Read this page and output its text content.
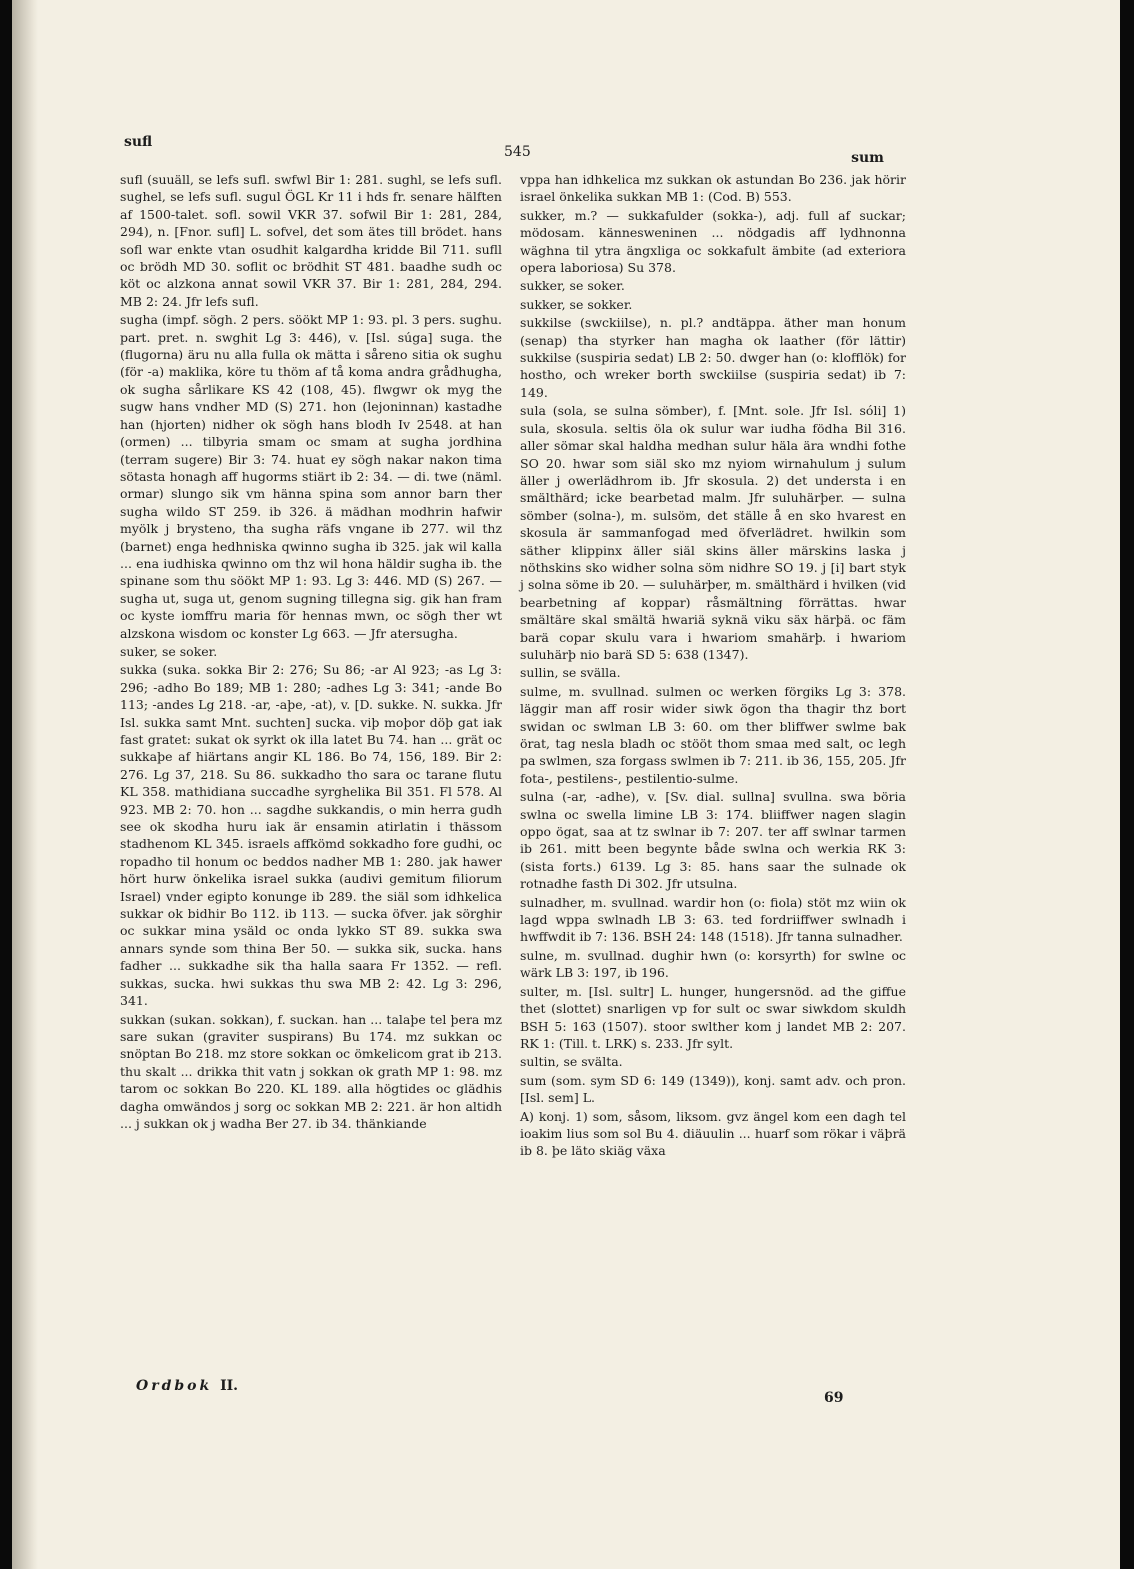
sufl
545	sum

sufl (suuäll, se lefs sufl. swfwl Bir 1: 281. sughl, se lefs sufl. sughel, se lefs sufl. sugul ÖGL Kr 11 i hds fr. senare hälften af 1500-talet. sofl. sowil VKR 37. sofwil Bir 1: 281, 284, 294), n. [Fnor. sufl] L. sofvel, det som ätes till brödet. hans sofl war enkte vtan osudhit kalgardha kridde Bil 711. sufll oc brödh MD 30. soflit oc brödhit ST 481. baadhe sudh oc köt oc alzkona annat sowil VKR 37. Bir 1: 281, 284, 294. MB 2: 24. Jfr lefs sufl.

sugha (impf. sögh. 2 pers. söökt MP 1: 93. pl. 3 pers. sughu. part. pret. n. swghit Lg 3: 446), v. [Isl. súga] suga. the (flugorna) äru nu alla fulla ok mätta i såreno sitia ok sughu (för -a) maklika, köre tu thöm af tå koma andra grådhugha, ok sugha sårlikare KS 42 (108, 45). flwgwr ok myg the sugw hans vndher MD (S) 271. hon (lejoninnan) kastadhe han (hjorten) nidher ok sögh hans blodh Iv 2548. at han (ormen) ... tilbyria smam oc smam at sugha jordhina (terram sugere) Bir 3: 74. huat ey sögh nakar nakon tima sötasta honagh aff hugorms stiärt ib 2: 34. — di. twe (näml. ormar) slungo sik vm hänna spina som annor barn ther sugha wildo ST 259. ib 326. ä mädhan modhrin hafwir myölk j brysteno, tha sugha räfs vngane ib 277. wil thz (barnet) enga hedhniska qwinno sugha ib 325. jak wil kalla ... ena iudhiska qwinno om thz wil hona häldir sugha ib. the spinane som thu söökt MP 1: 93. Lg 3: 446. MD (S) 267. — sugha ut, suga ut, genom sugning tillegna sig. gik han fram oc kyste iomffru maria för hennas mwn, oc sögh ther wt alzskona wisdom oc konster Lg 663. — Jfr atersugha.

suker, se soker.

sukka (suka. sokka Bir 2: 276; Su 86; -ar Al 923; -as Lg 3: 296; -adho Bo 189; MB 1: 280; -adhes Lg 3: 341; -ande Bo 113; -andes Lg 218. -ar, -aþe, -at), v. [D. sukke. N. sukka. Jfr Isl. sukka samt Mnt. suchten] sucka. viþ moþor döþ gat iak fast gratet: sukat ok syrkt ok illa latet Bu 74. han ... grät oc sukkaþe af hiärtans angir KL 186. Bo 74, 156, 189. Bir 2: 276. Lg 37, 218. Su 86. sukkadho tho sara oc tarane flutu KL 358. mathidiana succadhe syrghelika Bil 351. Fl 578. Al 923. MB 2: 70. hon ... sagdhe sukkandis, o min herra gudh see ok skodha huru iak är ensamin atirlatin i thässom stadhenom KL 345. israels affkömd sokkadho fore gudhi, oc ropadho til honum oc beddos nadher MB 1: 280. jak hawer hört hurw önkelika israel sukka (audivi gemitum filiorum Israel) vnder egipto konunge ib 289. the siäl som idhkelica sukkar ok bidhir Bo 112. ib 113. — sucka öfver. jak sörghir oc sukkar mina ysäld oc onda lykko ST 89. sukka swa annars synde som thina Ber 50. — sukka sik, sucka. hans fadher ... sukkadhe sik tha halla saara Fr 1352. — refl. sukkas, sucka. hwi sukkas thu swa MB 2: 42. Lg 3: 296, 341.

sukkan (sukan. sokkan), f. suckan. han ... talaþe tel þera mz sare sukan (graviter suspirans) Bu 174. mz sukkan oc snöptan Bo 218. mz store sokkan oc ömkelicom grat ib 213. thu skalt ... drikka thit vatn j sokkan ok grath MP 1: 98. mz tarom oc sokkan Bo 220. KL 189. alla högtides oc glädhis dagha omwändos j sorg oc sokkan MB 2: 221. är hon altidh ... j sukkan ok j wadha Ber 27. ib 34. thänkiande

vppa han idhkelica mz sukkan ok astundan Bo 236. jak hörir israel önkelika sukkan MB 1: (Cod. B) 553.

sukker, m.? — sukkafulder (sokka-), adj. full af suckar; mödosam. kännesweninen ... nödgadis aff lydhnonna wäghna til ytra ängxliga oc sokkafult ämbite (ad exteriora opera laboriosa) Su 378.

sukker, se soker.

sukker, se sokker.

sukkilse (swckiilse), n. pl.? andtäppa. äther man honum (senap) tha styrker han magha ok laather (för lättir) sukkilse (suspiria sedat) LB 2: 50. dwger han (o: klofflök) for hostho, och wreker borth swckiilse (suspiria sedat) ib 7: 149.

sula (sola, se sulna sömber), f. [Mnt. sole. Jfr Isl. sóli] 1) sula, skosula. seltis öla ok sulur war iudha födha Bil 316. aller sömar skal haldha medhan sulur häla ära wndhi fothe SO 20. hwar som siäl sko mz nyiom wirnahulum j sulum äller j owerlädhrom ib. Jfr skosula. 2) det understa i en smälthärd; icke bearbetad malm. Jfr suluhärþer. — sulna sömber (solna-), m. sulsöm, det ställe å en sko hvarest en skosula är sammanfogad med öfverlädret. hwilkin som säther klippinx äller siäl skins äller märskins laska j nöthskins sko widher solna söm nidhre SO 19. j [i] bart styk j solna söme ib 20. — suluhärþer, m. smälthärd i hvilken (vid bearbetning af koppar) råsmältning förrättas. hwar smältäre skal smältä hwariä syknä viku säx härþä. oc fäm barä copar skulu vara i hwariom smahärþ. i hwariom suluhärþ nio barä SD 5: 638 (1347).

sullin, se svälla.

sulme, m. svullnad. sulmen oc werken förgiks Lg 3: 378. läggir man aff rosir wider siwk ögon tha thagir thz bort swidan oc swlman LB 3: 60. om ther bliffwer swlme bak örat, tag nesla bladh oc stööt thom smaa med salt, oc legh pa swlmen, sza forgass swlmen ib 7: 211. ib 36, 155, 205. Jfr fota-, pestilens-, pestilentio-sulme.

sulna (-ar, -adhe), v. [Sv. dial. sullna] svullna. swa böria swlna oc swella limine LB 3: 174. bliiffwer nagen slagin oppo ögat, saa at tz swlnar ib 7: 207. ter aff swlnar tarmen ib 261. mitt been begynte både swlna och werkia RK 3: (sista forts.) 6139. Lg 3: 85. hans saar the sulnade ok rotnadhe fasth Di 302. Jfr utsulna.

sulnadher, m. svullnad. wardir hon (o: fiola) stöt mz wiin ok lagd wppa swlnadh LB 3: 63. ted fordriiffwer swlnadh i hwffwdit ib 7: 136. BSH 24: 148 (1518). Jfr tanna sulnadher.

sulne, m. svullnad. dughir hwn (o: korsyrth) for swlne oc wärk LB 3: 197, ib 196.

sulter, m. [Isl. sultr] L. hunger, hungersnöd. ad the giffue thet (slottet) snarligen vp for sult oc swar siwkdom skuldh BSH 5: 163 (1507). stoor swlther kom j landet MB 2: 207. RK 1: (Till. t. LRK) s. 233. Jfr sylt.

sultin, se svälta.

sum (som. sym SD 6: 149 (1349)), konj. samt adv. och pron. [Isl. sem] L.

A) konj. 1) som, såsom, liksom. gvz ängel kom een dagh tel ioakim lius som sol Bu 4. diäuulin ... huarf som rökar i väþrä ib 8. þe läto skiäg växa

Ordbok II.
69
